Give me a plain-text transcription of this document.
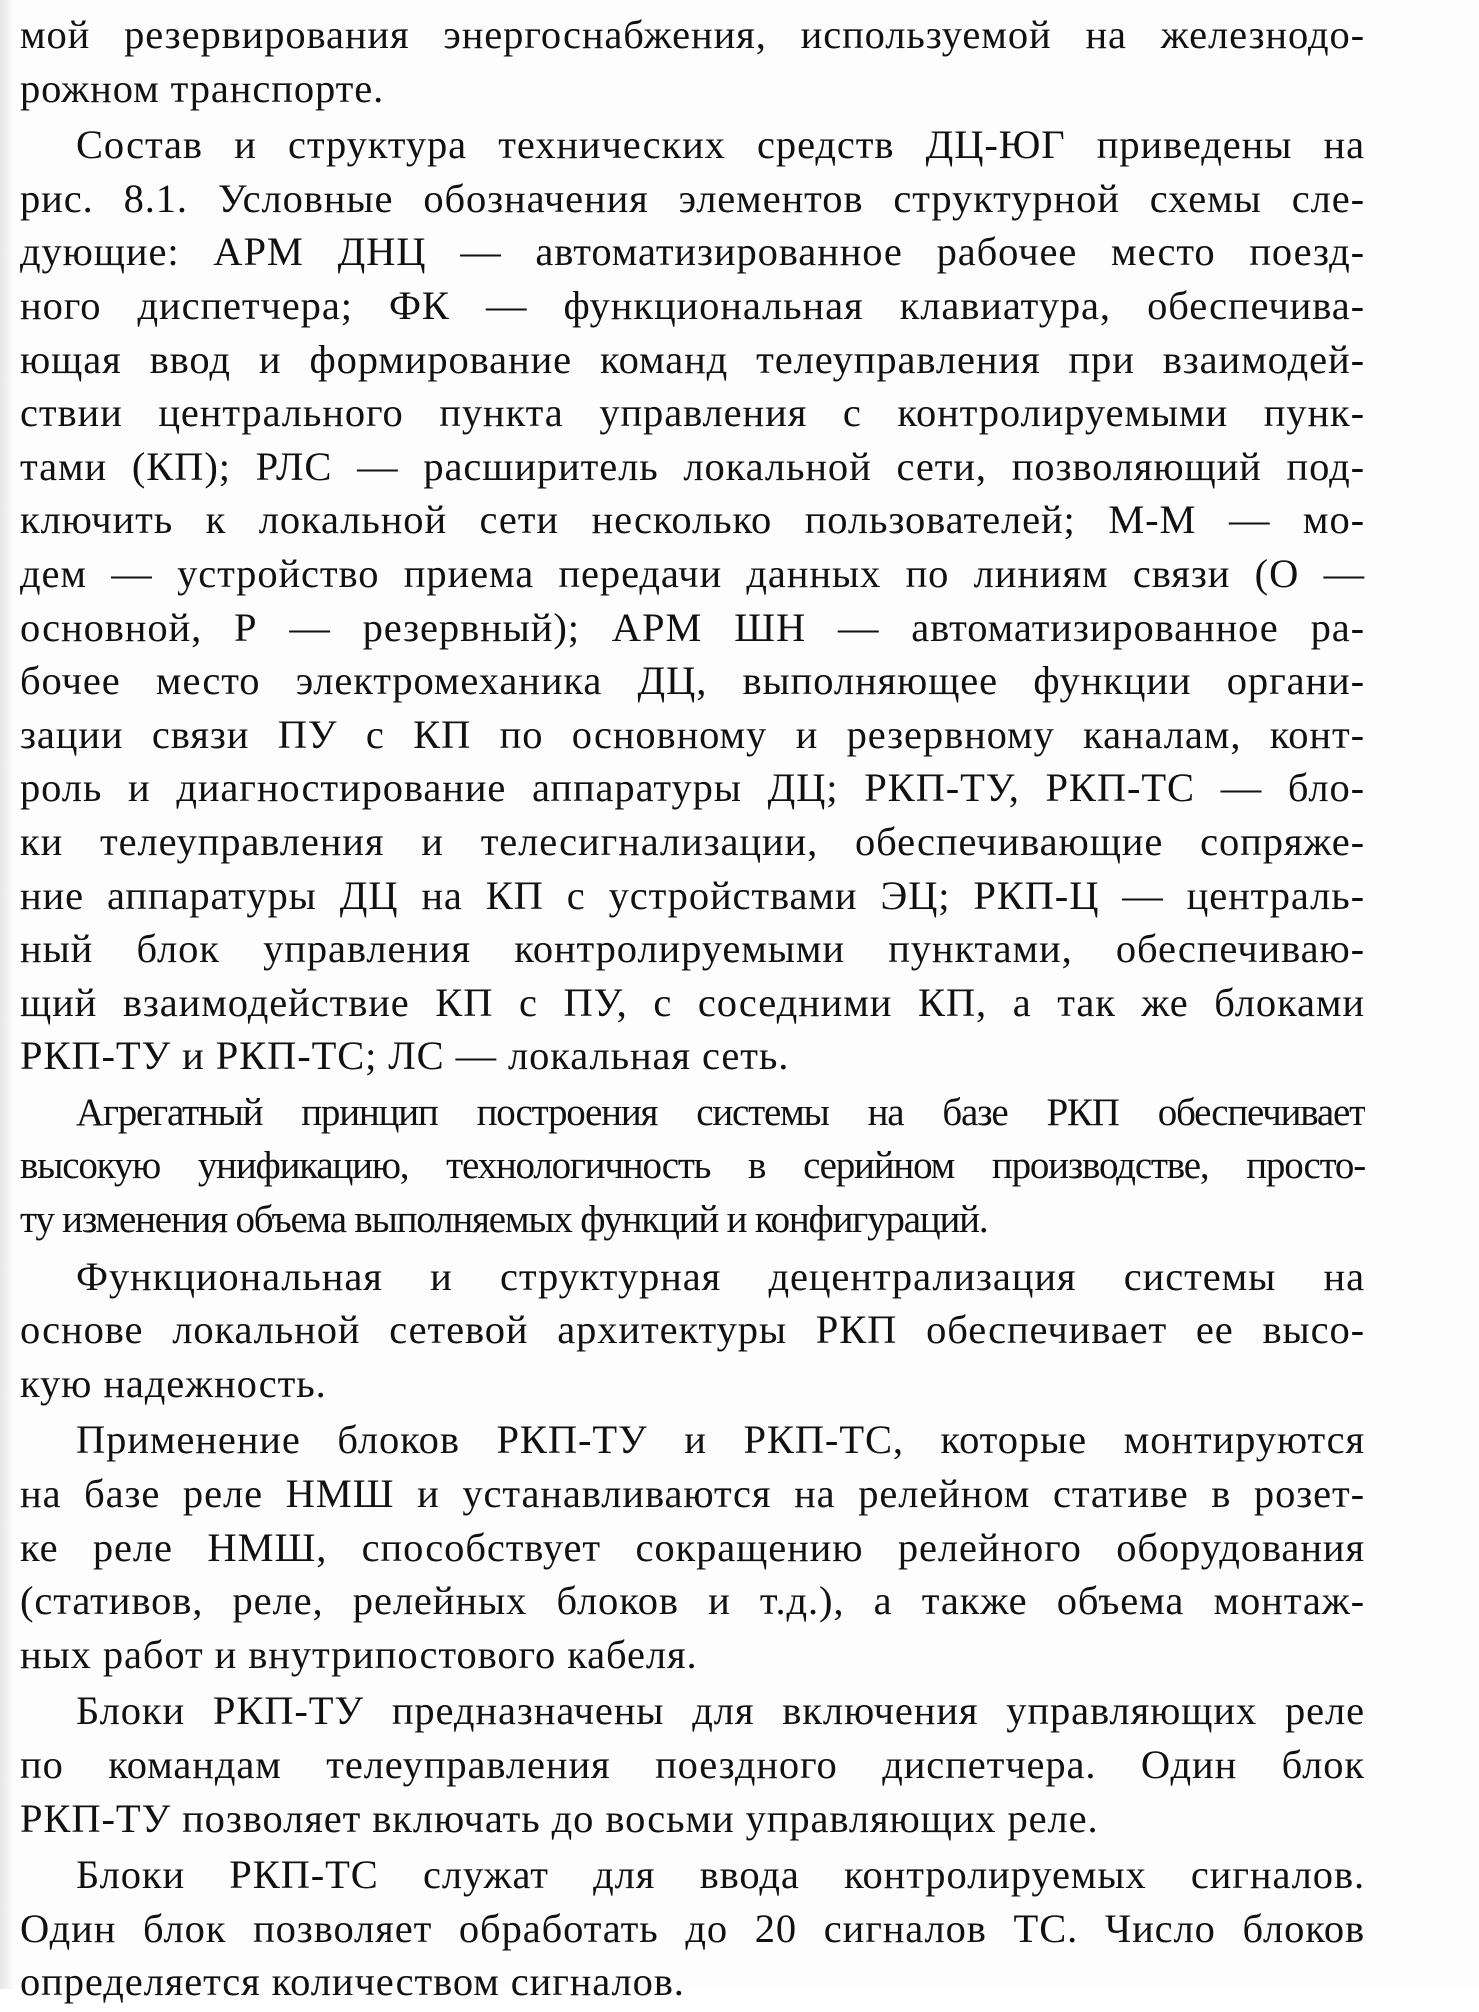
мой резервирования энергоснабжения, используемой на железнодо-
рожном транспорте.
Состав и структура технических средств ДЦ-ЮГ приведены на
рис. 8.1. Условные обозначения элементов структурной схемы сле-
дующие: АРМ ДНЦ — автоматизированное рабочее место поезд-
ного диспетчера; ФК — функциональная клавиатура, обеспечива-
ющая ввод и формирование команд телеуправления при взаимодей-
ствии центрального пункта управления с контролируемыми пунк-
тами (КП); РЛС — расширитель локальной сети, позволяющий под-
ключить к локальной сети несколько пользователей; М-М — мо-
дем — устройство приема передачи данных по линиям связи (О —
основной, Р — резервный); АРМ ШН — автоматизированное ра-
бочее место электромеханика ДЦ, выполняющее функции органи-
зации связи ПУ с КП по основному и резервному каналам, конт-
роль и диагностирование аппаратуры ДЦ; РКП-ТУ, РКП-ТС — бло-
ки телеуправления и телесигнализации, обеспечивающие сопряже-
ние аппаратуры ДЦ на КП с устройствами ЭЦ; РКП-Ц — централь-
ный блок управления контролируемыми пунктами, обеспечиваю-
щий взаимодействие КП с ПУ, с соседними КП, а так же блоками
РКП-ТУ и РКП-ТС; ЛС — локальная сеть.
Агрегатный принцип построения системы на базе РКП обеспечивает
высокую унификацию, технологичность в серийном производстве, просто-
ту изменения объема выполняемых функций и конфигураций.
Функциональная и структурная децентрализация системы на
основе локальной сетевой архитектуры РКП обеспечивает ее высо-
кую надежность.
Применение блоков РКП-ТУ и РКП-ТС, которые монтируются
на базе реле НМШ и устанавливаются на релейном стативе в розет-
ке реле НМШ, способствует сокращению релейного оборудования
(стативов, реле, релейных блоков и т.д.), а также объема монтаж-
ных работ и внутрипостового кабеля.
Блоки РКП-ТУ предназначены для включения управляющих реле
по командам телеуправления поездного диспетчера. Один блок
РКП-ТУ позволяет включать до восьми управляющих реле.
Блоки РКП-ТС служат для ввода контролируемых сигналов.
Один блок позволяет обработать до 20 сигналов ТС. Число блоков
определяется количеством сигналов.
